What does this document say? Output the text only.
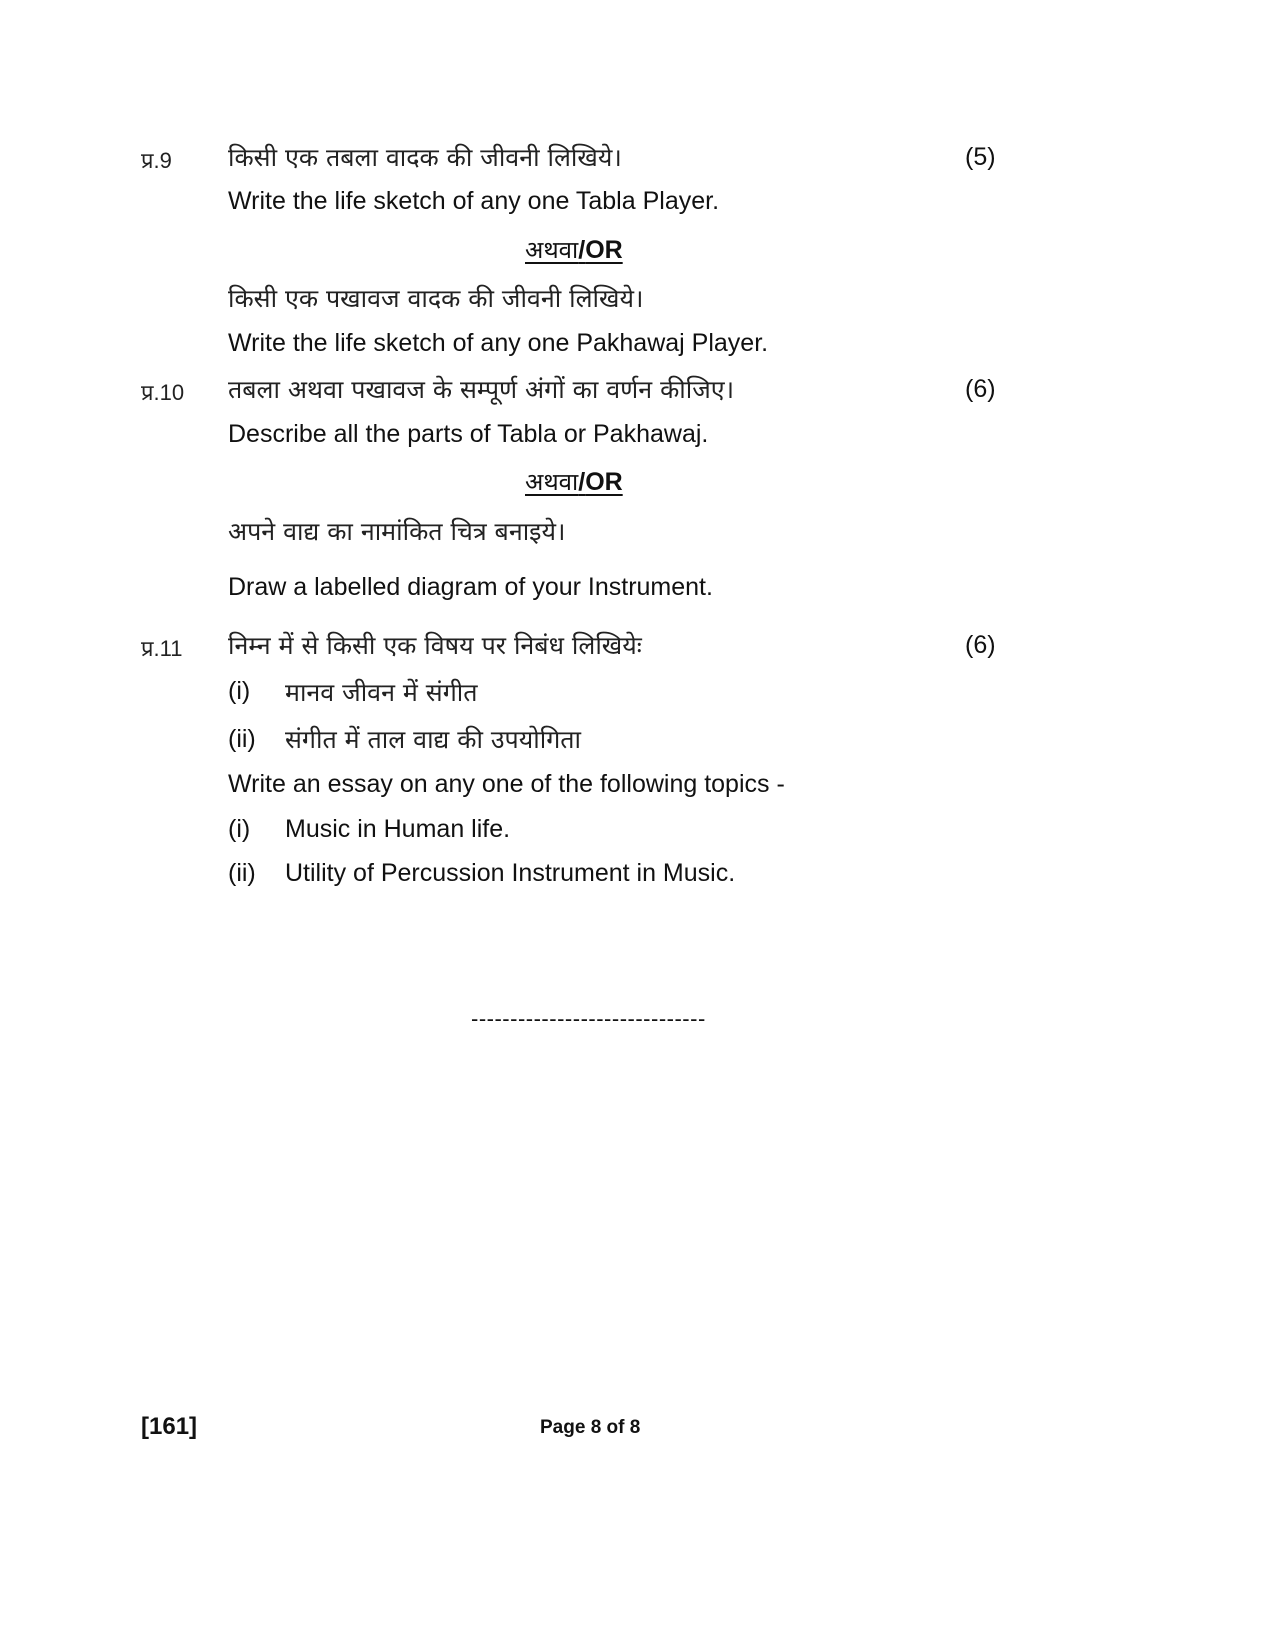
प्र.9 किसी एक तबला वादक की जीवनी लिखिये।	(5)
Write the life sketch of any one Tabla Player.
अथवा/OR
किसी एक पखावज वादक की जीवनी लिखिये।
Write the life sketch of any one Pakhawaj Player.
प्र.10 तबला अथवा पखावज के सम्पूर्ण अंगों का वर्णन कीजिए।	(6)
Describe all the parts of Tabla or Pakhawaj.
अथवा/OR
अपने वाद्य का नामांकित चित्र बनाइये।
Draw a labelled diagram of your Instrument.
प्र.11 निम्न में से किसी एक विषय पर निबंध लिखियेः	(6)
(i) मानव जीवन में संगीत
(ii) संगीत में ताल वाद्य की उपयोगिता
Write an essay on any one of the following topics -
(i) Music in Human life.
(ii) Utility of Percussion Instrument in Music.
------------------------------
[161]	Page 8 of 8
